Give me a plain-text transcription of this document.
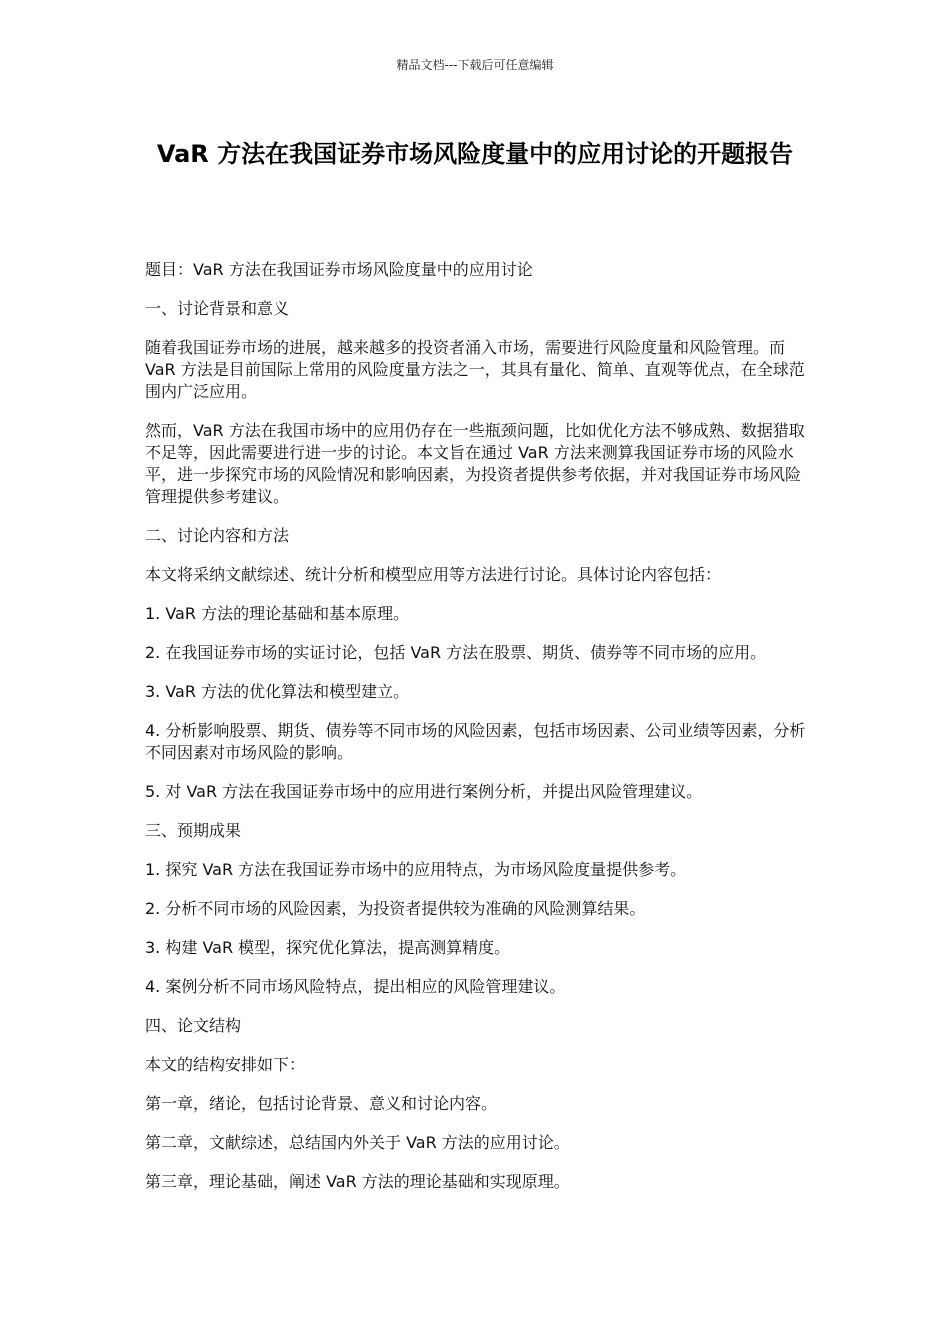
精品文档---下载后可任意编辑
VaR 方法在我国证券市场风险度量中的应用讨论的开题报告

题目：VaR 方法在我国证券市场风险度量中的应用讨论

一、讨论背景和意义

随着我国证券市场的进展，越来越多的投资者涌入市场，需要进行风险度量和风险管理。而 VaR 方法是目前国际上常用的风险度量方法之一，其具有量化、简单、直观等优点，在全球范围内广泛应用。

然而，VaR 方法在我国市场中的应用仍存在一些瓶颈问题，比如优化方法不够成熟、数据猎取不足等，因此需要进行进一步的讨论。本文旨在通过 VaR 方法来测算我国证券市场的风险水平，进一步探究市场的风险情况和影响因素，为投资者提供参考依据，并对我国证券市场风险管理提供参考建议。

二、讨论内容和方法

本文将采纳文献综述、统计分析和模型应用等方法进行讨论。具体讨论内容包括：

1. VaR 方法的理论基础和基本原理。

2. 在我国证券市场的实证讨论，包括 VaR 方法在股票、期货、债券等不同市场的应用。

3. VaR 方法的优化算法和模型建立。

4. 分析影响股票、期货、债券等不同市场的风险因素，包括市场因素、公司业绩等因素，分析不同因素对市场风险的影响。

5. 对 VaR 方法在我国证券市场中的应用进行案例分析，并提出风险管理建议。

三、预期成果

1. 探究 VaR 方法在我国证券市场中的应用特点，为市场风险度量提供参考。

2. 分析不同市场的风险因素，为投资者提供较为准确的风险测算结果。

3. 构建 VaR 模型，探究优化算法，提高测算精度。

4. 案例分析不同市场风险特点，提出相应的风险管理建议。

四、论文结构

本文的结构安排如下：

第一章，绪论，包括讨论背景、意义和讨论内容。

第二章，文献综述，总结国内外关于 VaR 方法的应用讨论。

第三章，理论基础，阐述 VaR 方法的理论基础和实现原理。
